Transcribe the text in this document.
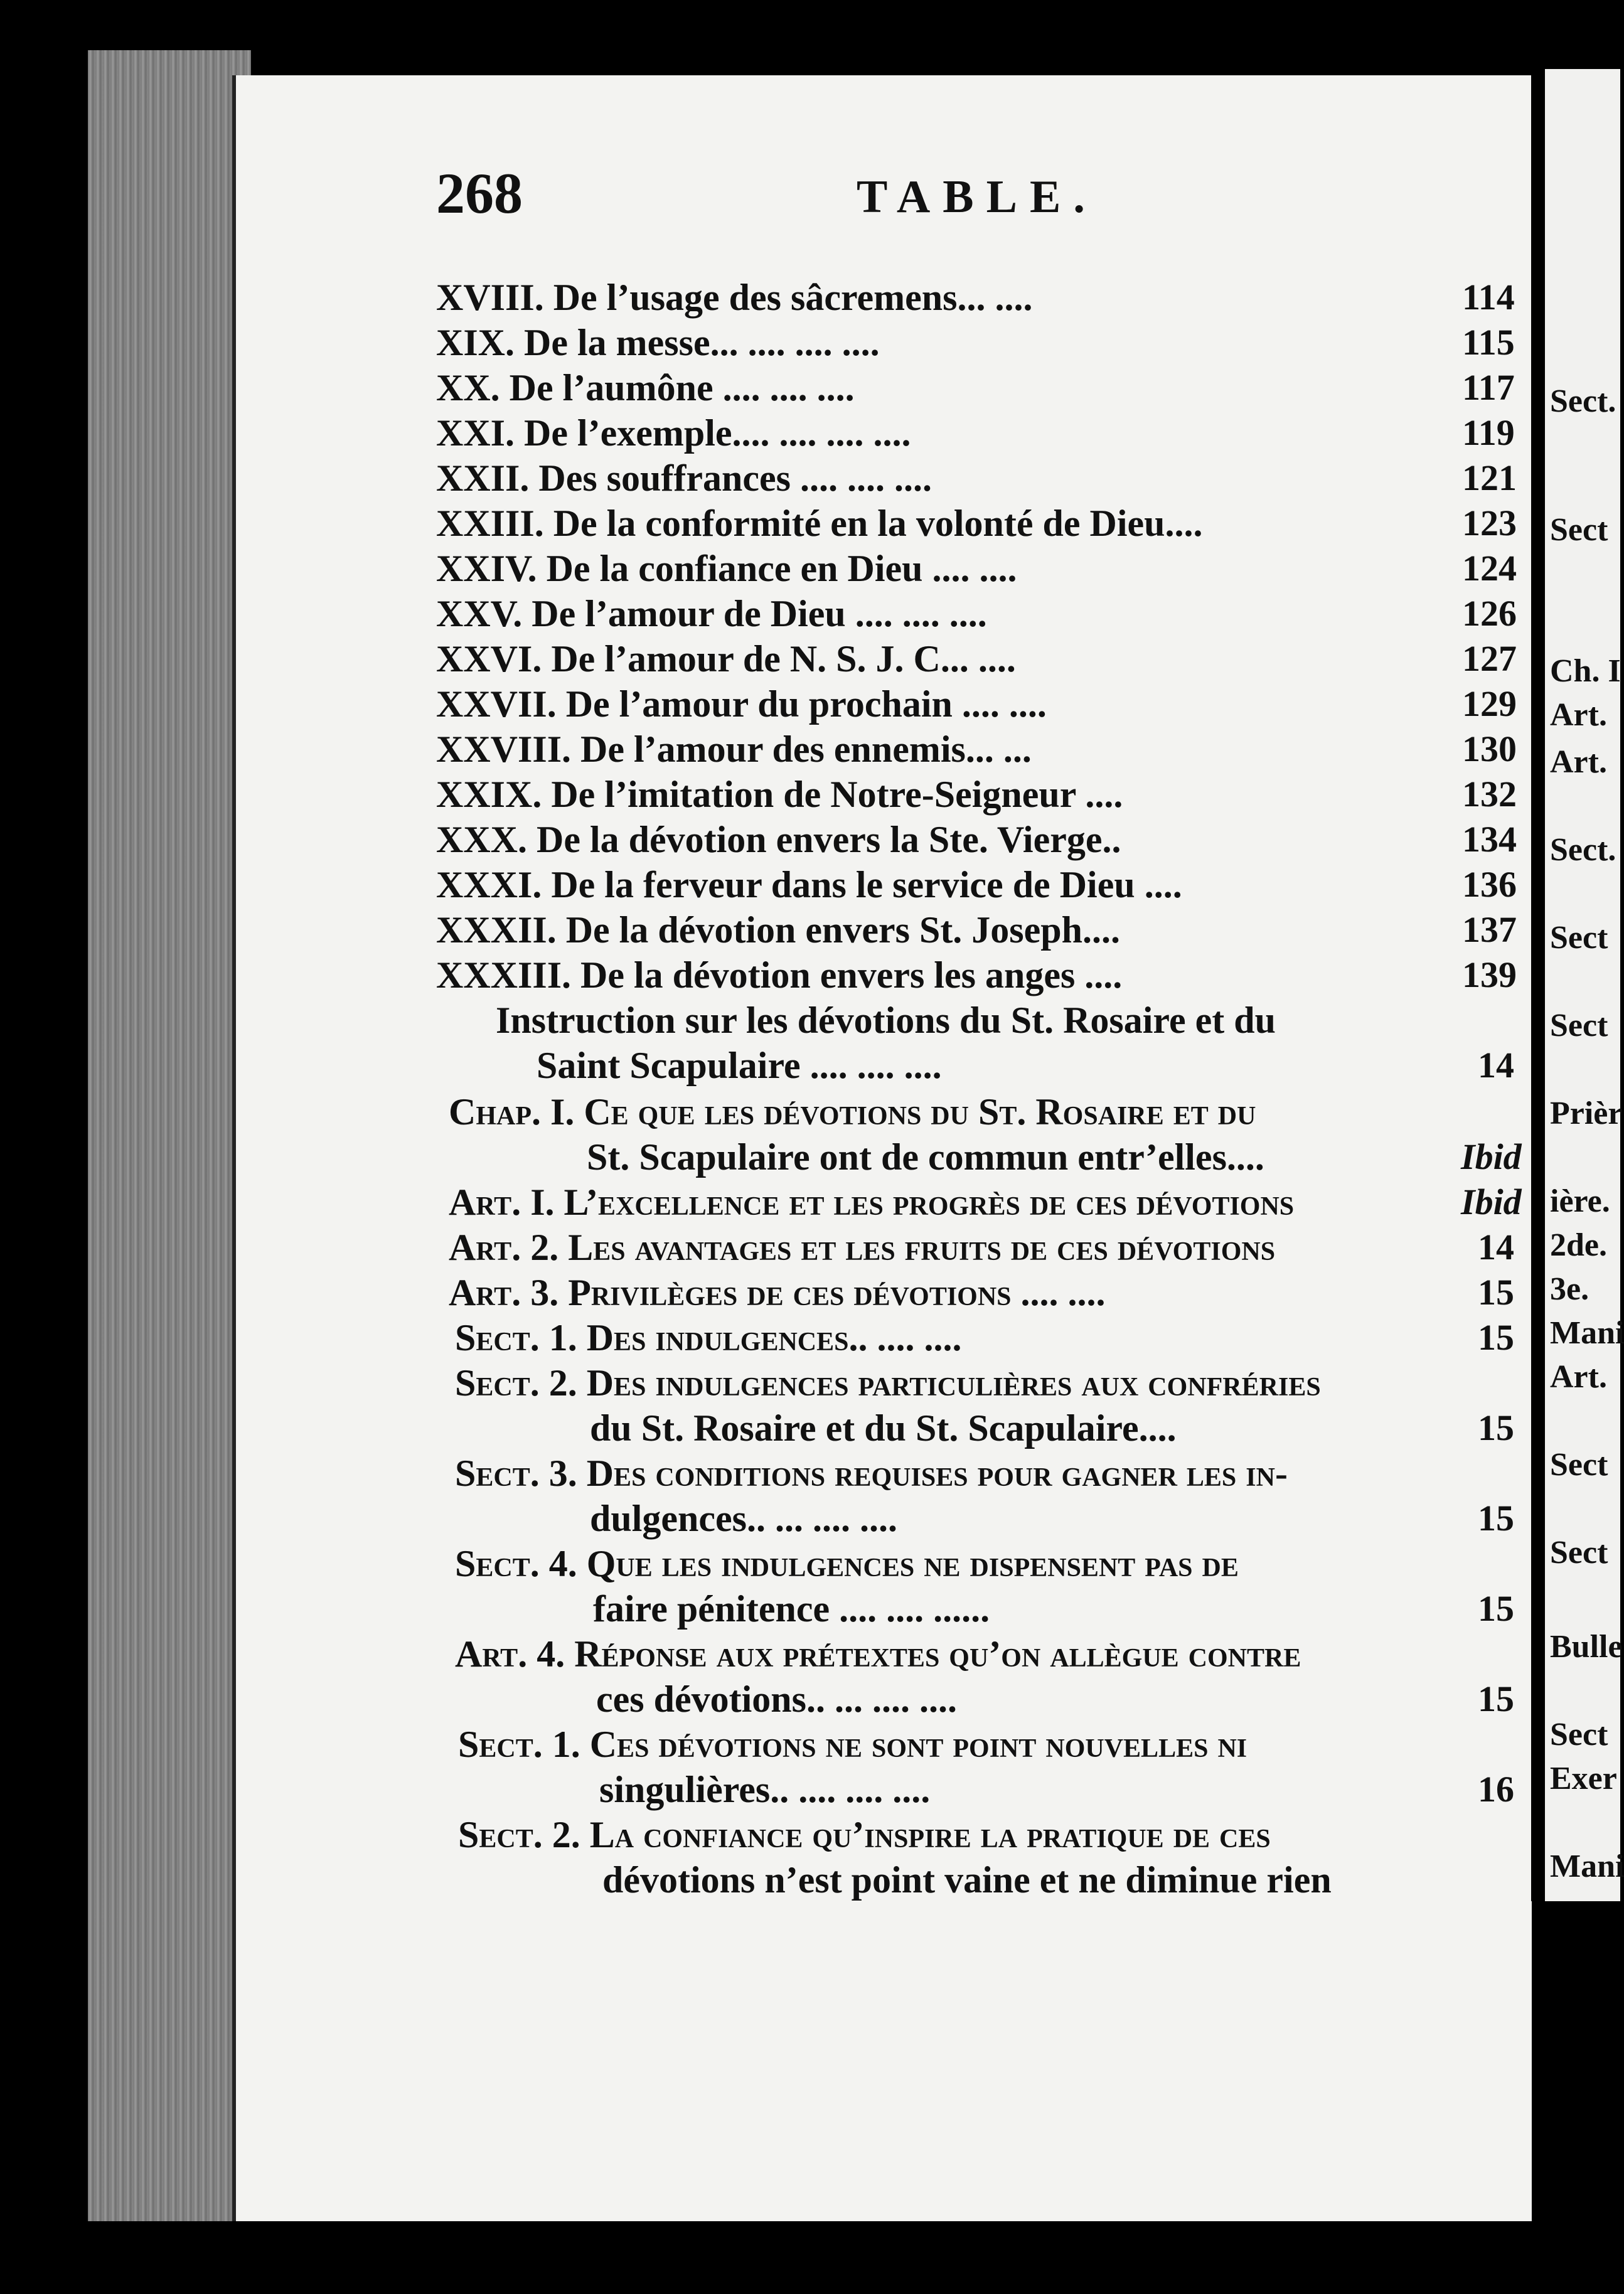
Sect.
Sect
Ch. I
Art.
Art.
Sect.
Sect
Sect
Prièr
ière.
2de.
3e.
Mani
Art.
Sect
Sect
Bulle
Sect
Exer
Mani
268	TABLE.
XVIII. De l’usage des sâcremens... ....	114
XIX. De la messe... .... .... ....	115
XX. De l’aumône .... .... ....	117
XXI. De l’exemple.... .... .... ....	119
XXII. Des souffrances .... .... ....	121
XXIII. De la conformité en la volonté de Dieu....	123
XXIV. De la confiance en Dieu .... ....	124
XXV. De l’amour de Dieu .... .... ....	126
XXVI. De l’amour de N. S. J. C... ....	127
XXVII. De l’amour du prochain .... ....	129
XXVIII. De l’amour des ennemis... ...	130
XXIX. De l’imitation de Notre-Seigneur ....	132
XXX. De la dévotion envers la Ste. Vierge..	134
XXXI. De la ferveur dans le service de Dieu ....	136
XXXII. De la dévotion envers St. Joseph....	137
XXXIII. De la dévotion envers les anges ....	139
Instruction sur les dévotions du St. Rosaire et du
Saint Scapulaire .... .... ....	14
Chap. I. Ce que les dévotions du St. Rosaire et du
St. Scapulaire ont de commun entr’elles....	Ibid
Art. I. L’excellence et les progrès de ces dévotions	Ibid
Art. 2. Les avantages et les fruits de ces dévotions	14
Art. 3. Privilèges de ces dévotions .... ....	15
Sect. 1. Des indulgences.. .... ....	15
Sect. 2. Des indulgences particulières aux confréries
du St. Rosaire et du St. Scapulaire....	15
Sect. 3. Des conditions requises pour gagner les in-
dulgences.. ... .... ....	15
Sect. 4. Que les indulgences ne dispensent pas de
faire pénitence .... .... ......	15
Art. 4. Réponse aux prétextes qu’on allègue contre
ces dévotions.. ... .... ....	15
Sect. 1. Ces dévotions ne sont point nouvelles ni
singulières.. .... .... ....	16
Sect. 2. La confiance qu’inspire la pratique de ces
dévotions n’est point vaine et ne diminue rien
